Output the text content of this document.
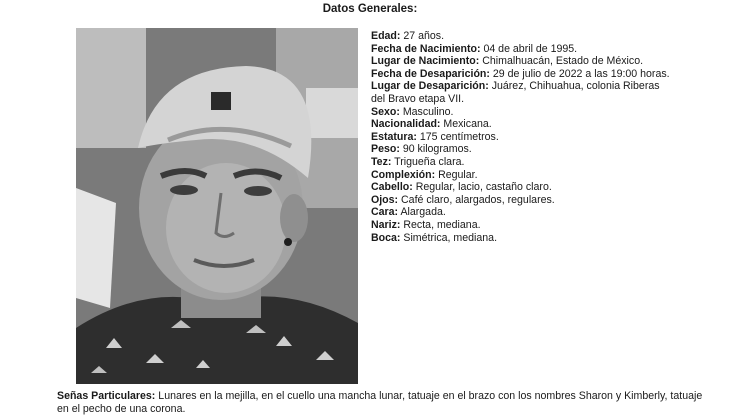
Datos Generales:
Edad: 27 años.
Fecha de Nacimiento: 04 de abril de 1995.
Lugar de Nacimiento: Chimalhuacán, Estado de México.
Fecha de Desaparición: 29 de julio de 2022 a las 19:00 horas.
Lugar de Desaparición: Juárez, Chihuahua, colonia Riberas del Bravo etapa VII.
Sexo: Masculino.
Nacionalidad: Mexicana.
Estatura: 175 centímetros.
Peso: 90 kilogramos.
Tez: Trigueña clara.
Complexión: Regular.
Cabello: Regular, lacio, castaño claro.
Ojos: Café claro, alargados, regulares.
Cara: Alargada.
Nariz: Recta, mediana.
Boca: Simétrica, mediana.
Señas Particulares: Lunares en la mejilla, en el cuello una mancha lunar, tatuaje en el brazo con los nombres Sharon y Kimberly, tatuaje en el pecho de una corona.
